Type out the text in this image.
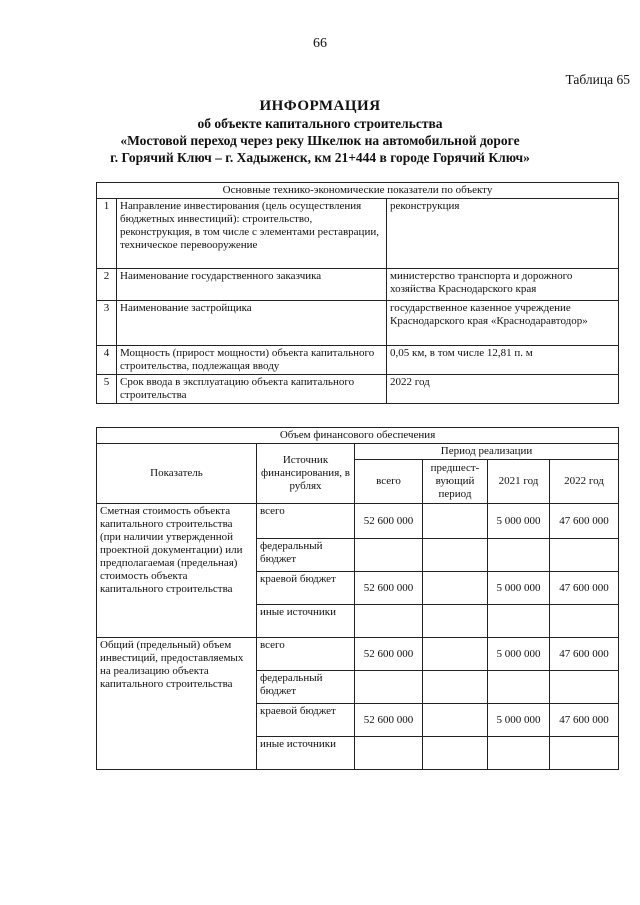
66
Таблица 65
ИНФОРМАЦИЯ
об объекте капитального строительства
«Мостовой переход через реку Шкелюк на автомобильной дороге
г. Горячий Ключ – г. Хадыженск, км 21+444 в городе Горячий Ключ»
Основные технико-экономические показатели по объекту		
1	Направление инвестирования (цель осуществления бюджетных инвестиций): строительство, реконструкция, в том числе с элементами реставрации, техническое перевооружение	реконструкция
2	Наименование государственного заказчика	министерство транспорта и дорожного хозяйства Краснодарского края
3	Наименование застройщика	государственное казенное учреждение Краснодарского края «Краснодаравтодор»
4	Мощность (прирост мощности) объекта капитального строительства, подлежащая вводу	0,05 км, в том числе 12,81 п. м
5	Срок ввода в эксплуатацию объекта капитального строительства	2022 год
Объем финансового обеспечения					
Показатель	Источник финансирования, в рублях	Период реализации			
		всего	предшест-вующий период	2021 год	2022 год
Сметная стоимость объекта капитального строительства (при наличии утвержденной проектной документации) или предполагаемая (предельная) стоимость объекта капитального строительства	всего	52 600 000		5 000 000	47 600 000
	федеральный бюджет				
	краевой бюджет	52 600 000		5 000 000	47 600 000
	иные источники				
Общий (предельный) объем инвестиций, предоставляемых на реализацию объекта капитального строительства	всего	52 600 000		5 000 000	47 600 000
	федеральный бюджет				
	краевой бюджет	52 600 000		5 000 000	47 600 000
	иные источники				
